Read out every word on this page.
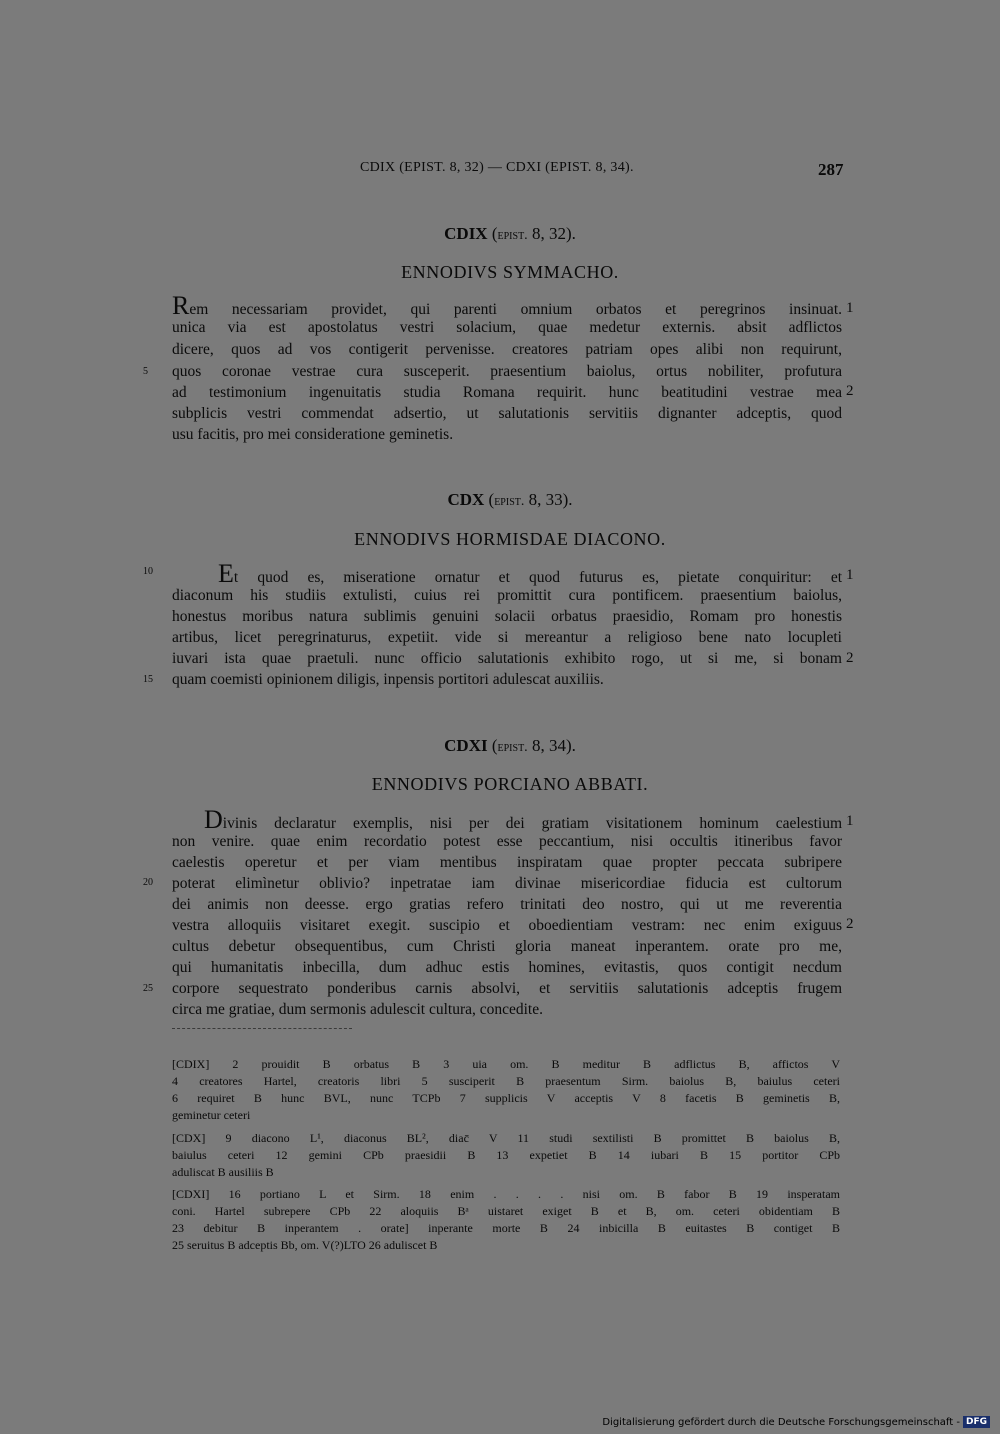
CDIX (EPIST. 8, 32) — CDXI (EPIST. 8, 34).	287
CDIX (epist. 8, 32).
ENNODIVS SYMMACHO.
Rem necessariam providet, qui parenti omnium orbatos et peregrinos insinuat.
unica via est apostolatus vestri solacium, quae medetur externis. absit adflictos
dicere, quos ad vos contigerit pervenisse. creatores patriam opes alibi non requirunt,
quos coronae vestrae cura susceperit. praesentium baiolus, ortus nobiliter, profutura
ad testimonium ingenuitatis studia Romana requirit. hunc beatitudini vestrae mea
subplicis vestri commendat adsertio, ut salutationis servitiis dignanter adceptis, quod
usu facitis, pro mei consideratione geminetis.
1
2
5
CDX (epist. 8, 33).
ENNODIVS HORMISDAE DIACONO.
Et quod es, miseratione ornatur et quod futurus es, pietate conquiritur: et
diaconum his studiis extulisti, cuius rei promittit cura pontificem. praesentium baiolus,
honestus moribus natura sublimis genuini solacii orbatus praesidio, Romam pro honestis
artibus, licet peregrinaturus, expetiit. vide si mereantur a religioso bene nato locupleti
iuvari ista quae praetuli. nunc officio salutationis exhibito rogo, ut si me, si bonam
quam coemisti opinionem diligis, inpensis portitori adulescat auxiliis.
1
2
10
15
CDXI (epist. 8, 34).
ENNODIVS PORCIANO ABBATI.
Divinis declaratur exemplis, nisi per dei gratiam visitationem hominum caelestium
non venire. quae enim recordatio potest esse peccantium, nisi occultis itineribus favor
caelestis operetur et per viam mentibus inspiratam quae propter peccata subripere
poterat elimìnetur oblivio? inpetratae iam divinae misericordiae fiducia est cultorum
dei animis non deesse. ergo gratias refero trinitati deo nostro, qui ut me reverentia
vestra alloquiis visitaret exegit. suscipio et oboedientiam vestram: nec enim exiguus
cultus debetur obsequentibus, cum Christi gloria maneat inperantem. orate pro me,
qui humanitatis inbecilla, dum adhuc estis homines, evitastis, quos contigit necdum
corpore sequestrato ponderibus carnis absolvi, et servitiis salutationis adceptis frugem
circa me gratiae, dum sermonis adulescit cultura, concedite.
1
2
20
25
[CDIX] 2 prouidit B orbatus B 3 uia om. B meditur B adflictus B, affictos V
4 creatores Hartel, creatoris libri 5 susciperit B praesentum Sirm. baiolus B, baiulus ceteri
6 requiret B hunc BVL, nunc TCPb 7 supplicis V acceptis V 8 facetis B geminetis B,
geminetur ceteri
[CDX] 9 diacono L¹, diaconus BL², diac̄ V 11 studi sextilisti B promittet B baiolus B,
baiulus ceteri 12 gemini CPb praesidii B 13 expetiet B 14 iubari B 15 portitor CPb
aduliscat B ausiliis B
[CDXI] 16 portiano L et Sirm. 18 enim . . . . nisi om. B fabor B 19 insperatam
coni. Hartel subrepere CPb 22 aloquiis Bᵃ uistaret exiget B et B, om. ceteri obidentiam B
23 debitur B inperantem . orate] inperante morte B 24 inbicilla B euitastes B contiget B
25 seruitus B adceptis Bb, om. V(?)LTO 26 aduliscet B
Digitalisierung gefördert durch die Deutsche Forschungsgemeinschaft - DFG
